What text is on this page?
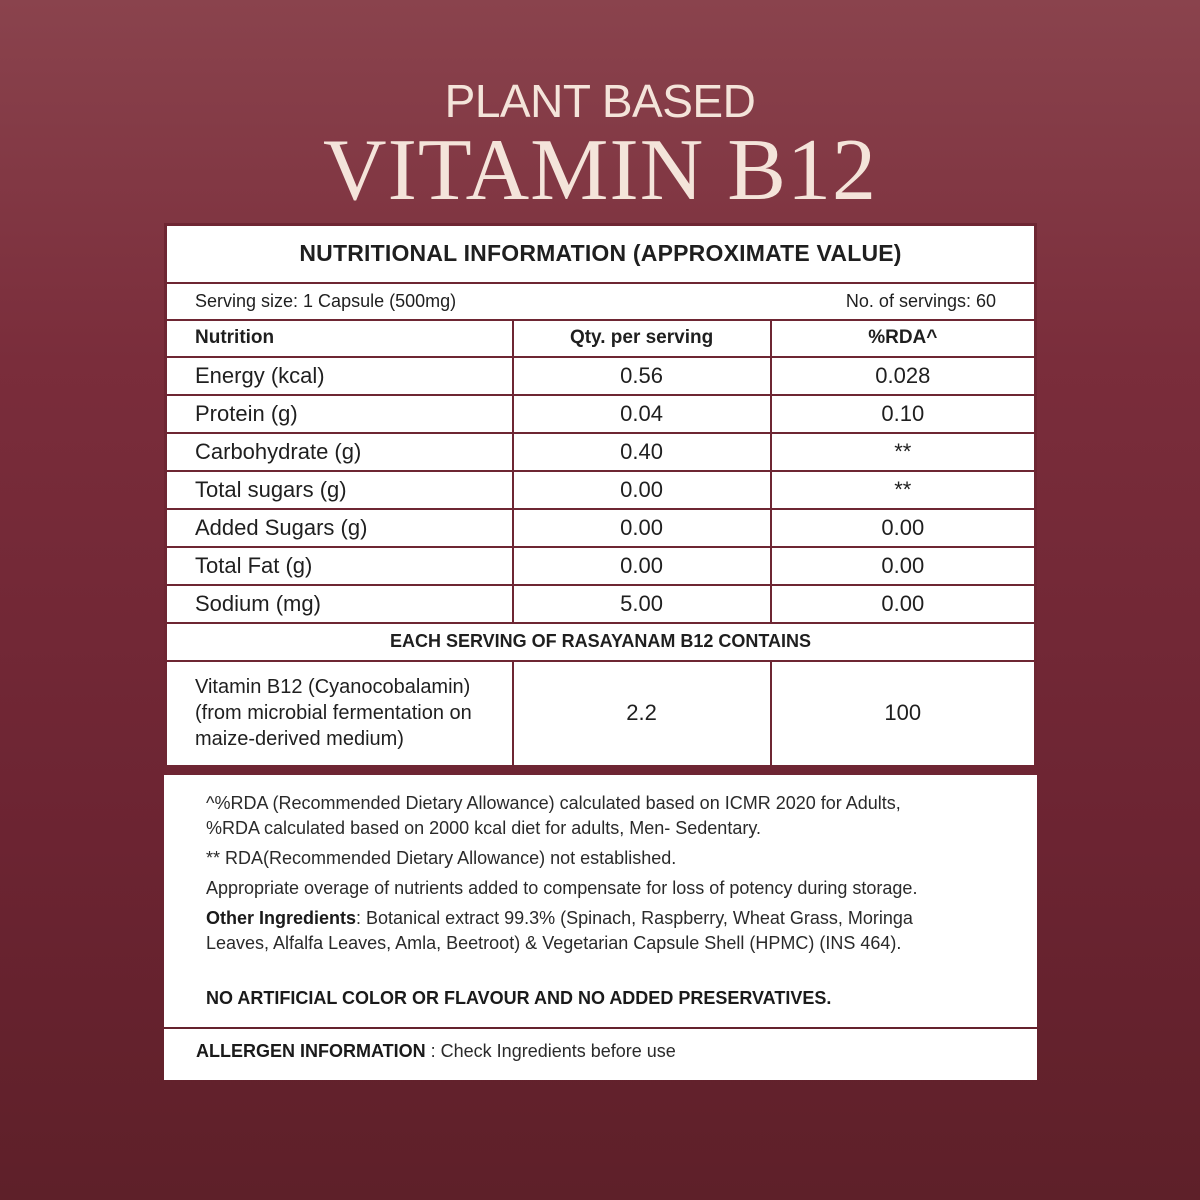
PLANT BASED
VITAMIN B12
NUTRITIONAL INFORMATION (APPROXIMATE VALUE)		

Serving size: 1 Capsule (500mg) No. of servings: 60		

Nutrition	Qty. per serving	%RDA^
Energy (kcal)	0.56	0.028
Protein (g)	0.04	0.10
Carbohydrate (g)	0.40	**
Total sugars (g)	0.00	**
Added Sugars (g)	0.00	0.00
Total Fat (g)	0.00	0.00
Sodium (mg)	5.00	0.00
EACH SERVING OF RASAYANAM B12 CONTAINS		

Vitamin B12 (Cyanocobalamin)
(from microbial fermentation on
maize-derived medium)	2.2	100

^%RDA (Recommended Dietary Allowance) calculated based on ICMR 2020 for Adults,
%RDA calculated based on 2000 kcal diet for adults, Men- Sedentary.

** RDA(Recommended Dietary Allowance) not established.

Appropriate overage of nutrients added to compensate for loss of potency during storage.

Other Ingredients: Botanical extract 99.3% (Spinach, Raspberry, Wheat Grass, Moringa
Leaves, Alfalfa Leaves, Amla, Beetroot) & Vegetarian Capsule Shell (HPMC) (INS 464).

NO ARTIFICIAL COLOR OR FLAVOUR AND NO ADDED PRESERVATIVES.

ALLERGEN INFORMATION : Check Ingredients before use
